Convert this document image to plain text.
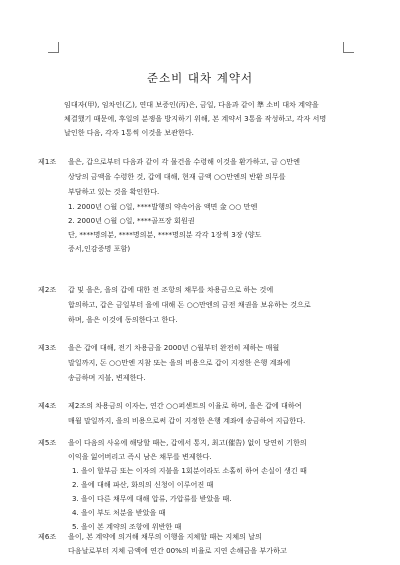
준소비 대차 계약서
임대자(甲), 임차인(乙), 연대 보증인(丙)은, 금일, 다음과 같이 準 소비 대차 계약을
체결했기 때문에, 후일의 분쟁을 방지하기 위해, 본 계약서 3통을 작성하고, 각자 서명
날인한 다음, 각자 1통씩 이것을 보관한다.
제1조 을은, 갑으로부터 다음과 같이 각 물건을 수령해 이것을 환가하고, 금 ○만엔
상당의 금액을 수령한 것, 갑에 대해, 현재 금액 ○○만엔의 반환 의무를
부담하고 있는 것을 확인한다.
1. 2000년 ○월 ○일, ****발행의 약속어음 액면 金 ○○ 만엔
2. 2000년 ○월 ○일, ****골프장 회원권
단, ****명의분, ****명의분, ****명의분 각각 1장씩 3장 (양도
증서,인감증명 포함)
제2조 갑 및 을은, 을의 갑에 대한 전 조항의 채무를 차용금으로 하는 것에
합의하고, 갑은 금일부터 을에 대해 돈 ○○만엔의 금전 채권을 보유하는 것으로
하며, 을은 이것에 동의한다고 한다.
제3조 을은 갑에 대해, 전기 차용금을 2000년 ○월부터 완전히 제하는 매월
말일까지, 돈 ○○만엔 지참 또는 을의 비용으로 갑이 지정한 은행 계좌에
송금하며 지불, 변제한다.
제4조 제2조의 차용금의 이자는, 연간 ○○퍼센트의 이율로 하며, 을은 갑에 대하여
매월 말일까지, 을의 비용으로써 갑이 지정한 은행 계좌에 송금하여 지급한다.
제5조 을이 다음의 사유에 해당할 때는, 갑에서 통지, 최고(催告) 없이 당연히 기한의
이익을 잃어버리고 즉시 남은 채무를 변제한다.
1. 을이 할부금 또는 이자의 지불을 1회분이라도 소홀히 하여 손실이 생긴 때
2. 을에 대해 파산, 화의의 신청이 이루어진 때
3. 을이 다른 채무에 대해 압류, 가압류를 받았을 때.
4. 을이 부도 처분을 받았을 때
5. 을이 본 계약의 조항에 위반한 때
제6조 을이, 본 계약에 의거해 채무의 이행을 지체할 때는 지체의 날의
다음날로부터 지체 금액에 연간 00%의 비율로 지연 손해금을 부가하고
